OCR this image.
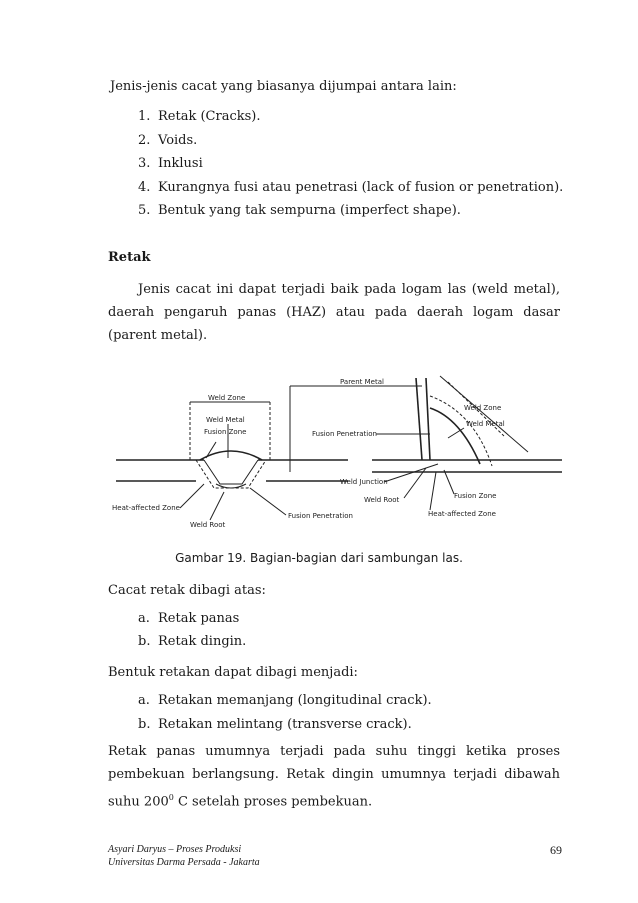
Jenis-jenis cacat yang biasanya dijumpai antara lain:
1. Retak (Cracks).
2. Voids.
3. Inklusi
4. Kurangnya fusi atau penetrasi (lack of fusion or penetration).
5. Bentuk yang tak sempurna (imperfect shape).
Retak
Jenis cacat ini dapat terjadi baik pada logam las (weld metal), daerah pengaruh panas (HAZ) atau pada daerah logam dasar (parent metal).
Weld Zone
Weld Metal
Fusion Zone
Heat-affected Zone
Weld Root
Fusion Penetration
Parent Metal
Fusion Penetration
Weld Zone
Weld Metal
Weld Junction
Weld Root	Fusion Zone
Heat-affected Zone
Gambar 19. Bagian-bagian dari sambungan las.
Cacat retak dibagi atas:
a. Retak panas
b. Retak dingin.
Bentuk retakan dapat dibagi menjadi:
a. Retakan memanjang (longitudinal crack).
b. Retakan melintang (transverse crack).
Retak panas umumnya terjadi pada suhu tinggi ketika proses pembekuan berlangsung. Retak dingin umumnya terjadi dibawah suhu $200^0$ C setelah proses pembekuan.
Asyari Daryus – Proses Produksi
Universitas Darma Persada - Jakarta
69
